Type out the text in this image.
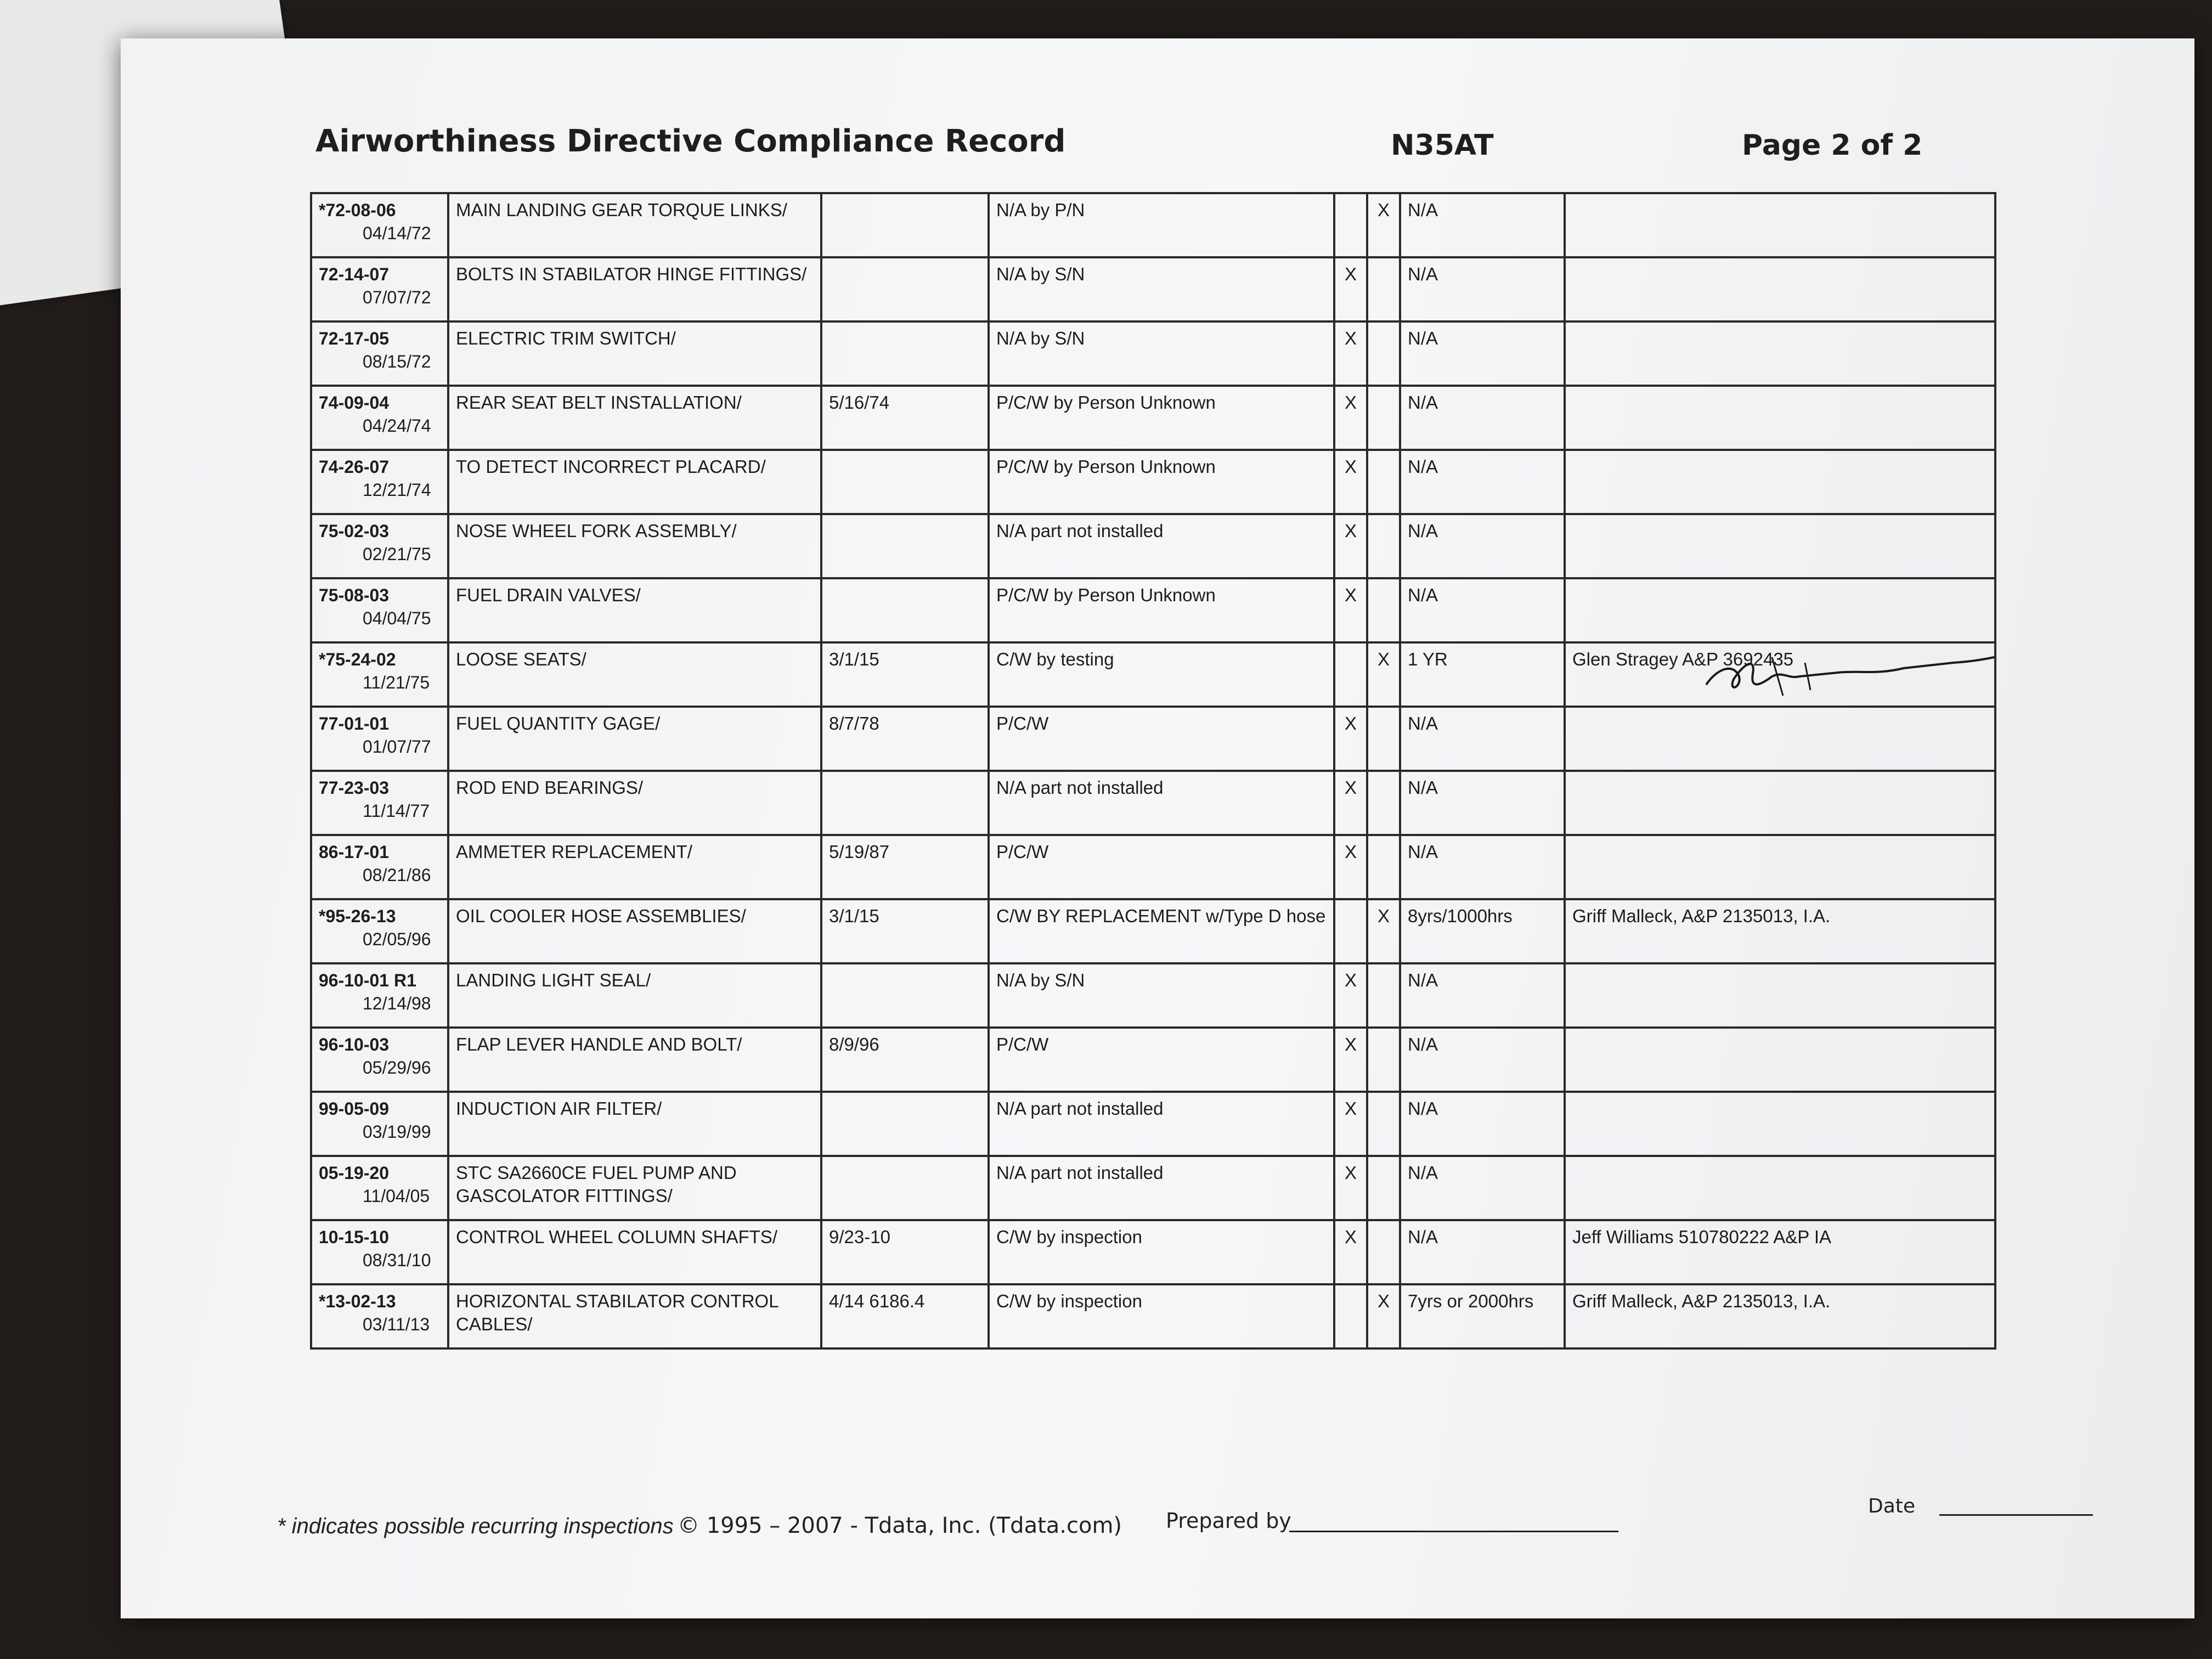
Airworthiness Directive Compliance Record	N35AT	Page 2 of 2
*72-08-06
04/14/72	MAIN LANDING GEAR TORQUE LINKS/		N/A by P/N		X	N/A	

72-14-07
07/07/72	BOLTS IN STABILATOR HINGE FITTINGS/		N/A by S/N	X		N/A	

72-17-05
08/15/72	ELECTRIC TRIM SWITCH/		N/A by S/N	X		N/A	

74-09-04
04/24/74	REAR SEAT BELT INSTALLATION/	5/16/74	P/C/W by Person Unknown	X		N/A	

74-26-07
12/21/74	TO DETECT INCORRECT PLACARD/		P/C/W by Person Unknown	X		N/A	

75-02-03
02/21/75	NOSE WHEEL FORK ASSEMBLY/		N/A part not installed	X		N/A	

75-08-03
04/04/75	FUEL DRAIN VALVES/		P/C/W by Person Unknown	X		N/A	

*75-24-02
11/21/75	LOOSE SEATS/	3/1/15	C/W by testing		X	1 YR	Glen Stragey A&P 3692435

77-01-01
01/07/77	FUEL QUANTITY GAGE/	8/7/78	P/C/W	X		N/A	

77-23-03
11/14/77	ROD END BEARINGS/		N/A part not installed	X		N/A	

86-17-01
08/21/86	AMMETER REPLACEMENT/	5/19/87	P/C/W	X		N/A	

*95-26-13
02/05/96	OIL COOLER HOSE ASSEMBLIES/	3/1/15	C/W BY REPLACEMENT w/Type D hose		X	8yrs/1000hrs	Griff Malleck, A&P 2135013, I.A.

96-10-01 R1
12/14/98	LANDING LIGHT SEAL/		N/A by S/N	X		N/A	

96-10-03
05/29/96	FLAP LEVER HANDLE AND BOLT/	8/9/96	P/C/W	X		N/A	

99-05-09
03/19/99	INDUCTION AIR FILTER/		N/A part not installed	X		N/A	

05-19-20
11/04/05	STC SA2660CE FUEL PUMP AND GASCOLATOR FITTINGS/		N/A part not installed	X		N/A	

10-15-10
08/31/10	CONTROL WHEEL COLUMN SHAFTS/	9/23-10	C/W by inspection	X		N/A	Jeff Williams 510780222 A&P IA

*13-02-13
03/11/13	HORIZONTAL STABILATOR CONTROL CABLES/	4/14 6186.4	C/W by inspection		X	7yrs or 2000hrs	Griff Malleck, A&P 2135013, I.A.
* indicates possible recurring inspections © 1995 – 2007 - Tdata, Inc. (Tdata.com) Prepared by
Date
